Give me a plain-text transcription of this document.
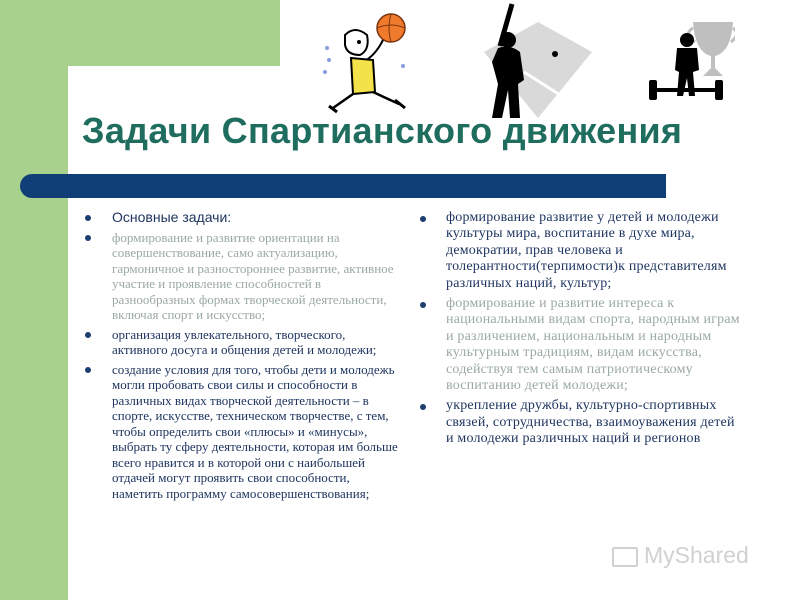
Задачи Спартианского движения
Основные задачи:
формирование и развитие ориентации на совершенствование, само актуализацию, гармоничное и разностороннее развитие, активное участие и проявление способностей в разнообразных формах творческой деятельности, включая спорт и искусство;
организация увлекательного, творческого, активного досуга и общения детей и молодежи;
создание условия для того, чтобы дети и молодежь могли пробовать свои силы и способности в различных видах творческой деятельности – в спорте, искусстве, техническом творчестве, с тем, чтобы определить свои «плюсы» и «минусы», выбрать ту сферу деятельности, которая им больше всего нравится и в которой они с наибольшей отдачей могут проявить свои способности, наметить программу самосовершенствования;
формирование развитие у детей и молодежи культуры мира, воспитание в духе мира, демократии, прав человека и толерантности(терпимости)к представителям различных наций, культур;
формирование и развитие интереса к национальными видам спорта, народным играм и различением, национальным и народным культурным традициям, видам искусства, содействуя тем самым патриотическому воспитанию детей молодежи;
укрепление дружбы, культурно-спортивных связей, сотрудничества, взаимоуважения детей и молодежи различных наций и регионов
MyShared
